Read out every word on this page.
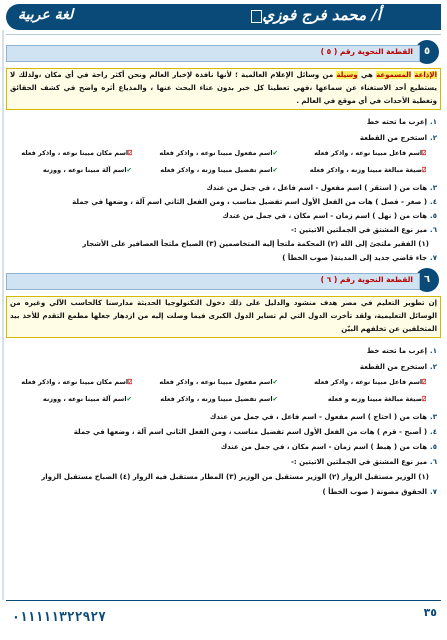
لغة عربية	أ/ محمد فرج فوزي
٥
القطعة النحوية رقم ( ٥ )
الإذاعة المسموعة هي وسيلة من وسائل الإعلام العالمية ؛ لأنها نافذة لإخبار العالم ونحن أكثر راحة في أي مكان ،ولذلك لا يستطيع أحد الاستغناء عن سماعها ،فهي تعطينا كل خبر بدون عناء البحث عنها ، والمذياع أثره واضح في كشف الحقائق وتغطية الأحداث في أي موقع في العالم .
١.إعرب ما تحته خط
٢.استخرج من القطعة
⍁اسم فاعل مبينا نوعه ، واذكر فعله
✔اسم مفعول مبينا نوعه ، واذكر فعله
⍁اسم مكان مبينا نوعه ، واذكر فعله
⍁صيغة مبالغة مبينا وزنه ، واذكر فعله
✔اسم تفضيل مبينا وزنه ، واذكر فعله
✔اسم آلة مبينا نوعه ، ووزنه
٣.هات من ( استقر ) اسم مفعول - اسم فاعل ، في جمل من عندك
٤.( صغر - فصل ) هات من الفعل الأول اسم تفضيل مناسب ، ومن الفعل الثاني اسم آلة ، وضعها في جملة
٥.هات من ( نهل ) اسم زمان - اسم مكان ، في جمل من عندك
٦.ميز نوع المشتق في الجملتين الاتيتين :-
(١) الفقير ملتجئ إلى الله (٢) المحكمة ملتجأ إليه المتخاصمين (٣) الصباح ملتجأ العصافير على الأشجار
٧.جاء قاضي جديد إلى المدينة( صوب الخطأ )
٦
القطعة النحوية رقم ( ٦ )
إن تطوير التعليم في مصر هدف منشود والدليل على ذلك دخول التكنولوجيا الحديثة مدارسنا كالحاسب الآلي وغيره من الوسائل التعليمية، ولقد تأخرت الدول التي لم تساير الدول الكبرى فيما وصلت إليه من ازدهار جعلها مطمع التقدم للأخذ بيد المتخلفين عن تخلفهم البيّن
١.إعرب ما تحته خط
٢.استخرج من القطعة
⍁اسم فاعل مبينا نوعه ، واذكر فعله
✔اسم مفعول مبينا نوعه ، واذكر فعله
⍁اسم مكان مبينا نوعه ، واذكر فعله
⍁صيغة مبالغة مبينا وزنه و فعله
✔اسم تفضيل مبينا وزنه ، واذكر فعله
✔اسم آلة مبينا نوعه ، ووزنه
٣.هات من ( احتاج ) اسم مفعول - اسم فاعل ، في جمل من عندك
٤.( أصبح - قرم ) هات من الفعل الأول اسم تفضيل مناسب ، ومن الفعل الثاني اسم آلة ، وضعها في جملة
٥.هات من ( هبط ) اسم زمان - اسم مكان ، في جمل من عندك
٦.ميز نوع المشتق في الجملتين الاتيتين :-
(١) الوزير مستقبل الزوار (٢) الوزير مستقبل من الوزير (٣) المطار مستقبل فيه الزوار (٤) الصباح مستقبل الزوار
٧.الحقوق مصونة ( صوب الخطأ )
٠١١١١١٣٢٢٩٢٧	٣٥
